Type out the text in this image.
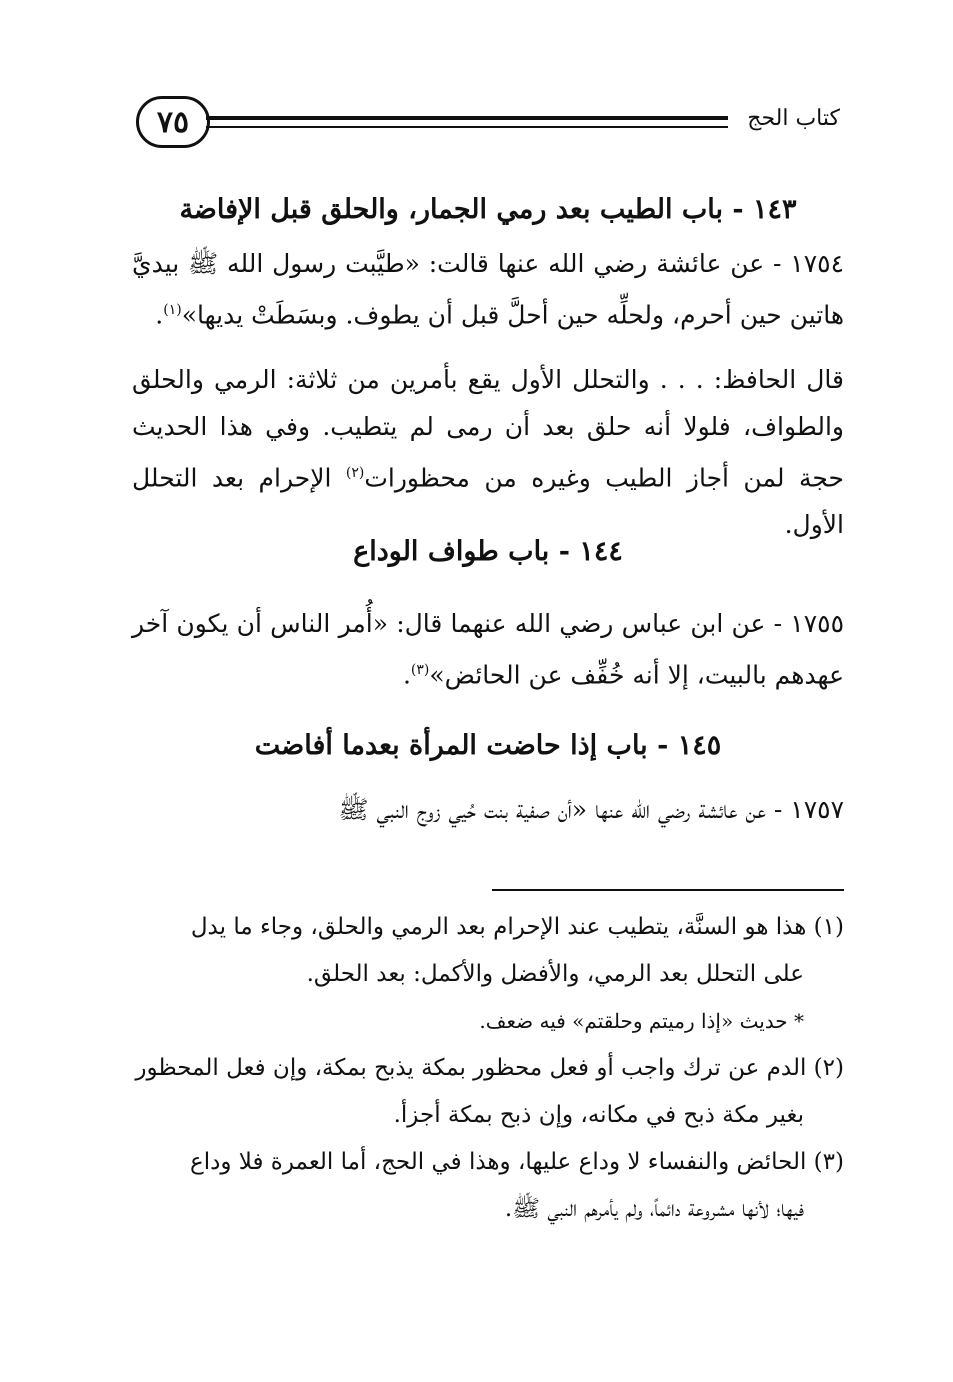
٧٥	كتاب الحج

١٤٣ - باب الطيب بعد رمي الجمار، والحلق قبل الإفاضة

١٧٥٤ - عن عائشة رضي الله عنها قالت: «طيَّبت رسول الله ﷺ بيديَّ هاتين حين أحرم، ولحلِّه حين أحلَّ قبل أن يطوف. وبسَطَتْ يديها»$^{(١)}$.

قال الحافظ: . . . والتحلل الأول يقع بأمرين من ثلاثة: الرمي والحلق والطواف، فلولا أنه حلق بعد أن رمى لم يتطيب. وفي هذا الحديث حجة لمن أجاز الطيب وغيره من محظورات$^{(٢)}$ الإحرام بعد التحلل الأول.

١٤٤ - باب طواف الوداع

١٧٥٥ - عن ابن عباس رضي الله عنهما قال: «أُمر الناس أن يكون آخر عهدهم بالبيت، إلا أنه خُفِّف عن الحائض»$^{(٣)}$.

١٤٥ - باب إذا حاضت المرأة بعدما أفاضت

١٧٥٧ - عن عائشة رضي الله عنها «أن صفية بنت حُيي زوج النبي ﷺ

(١) هذا هو السنَّة، يتطيب عند الإحرام بعد الرمي والحلق، وجاء ما يدل
على التحلل بعد الرمي، والأفضل والأكمل: بعد الحلق.
* حديث «إذا رميتم وحلقتم» فيه ضعف.

(٢) الدم عن ترك واجب أو فعل محظور بمكة يذبح بمكة، وإن فعل المحظور
بغير مكة ذبح في مكانه، وإن ذبح بمكة أجزأ.

(٣) الحائض والنفساء لا وداع عليها، وهذا في الحج، أما العمرة فلا وداع
فيها؛ لأنها مشروعة دائماً، ولم يأمرهم النبي ﷺ.
